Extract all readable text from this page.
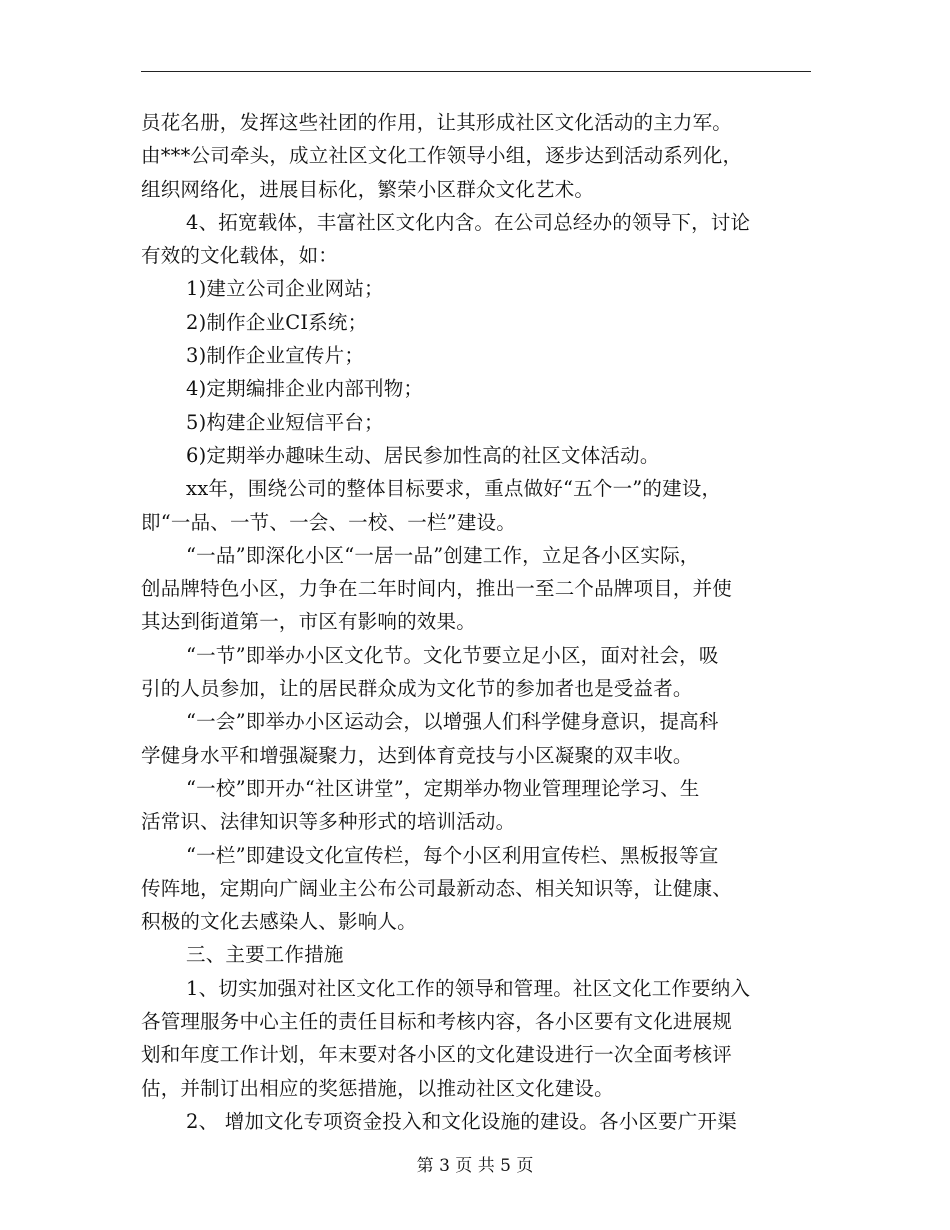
员花名册，发挥这些社团的作用，让其形成社区文化活动的主力军。
由***公司牵头，成立社区文化工作领导小组，逐步达到活动系列化，
组织网络化，进展目标化，繁荣小区群众文化艺术。
4、拓宽载体，丰富社区文化内含。在公司总经办的领导下，讨论
有效的文化载体，如：
1)建立公司企业网站；
2)制作企业CI系统；
3)制作企业宣传片；
4)定期编排企业内部刊物；
5)构建企业短信平台；
6)定期举办趣味生动、居民参加性高的社区文体活动。
xx年，围绕公司的整体目标要求，重点做好“五个一”的建设，
即“一品、一节、一会、一校、一栏”建设。
“一品”即深化小区“一居一品”创建工作，立足各小区实际，
创品牌特色小区，力争在二年时间内，推出一至二个品牌项目，并使
其达到街道第一，市区有影响的效果。
“一节”即举办小区文化节。文化节要立足小区，面对社会，吸
引的人员参加，让的居民群众成为文化节的参加者也是受益者。
“一会”即举办小区运动会，以增强人们科学健身意识，提高科
学健身水平和增强凝聚力，达到体育竞技与小区凝聚的双丰收。
“一校”即开办“社区讲堂”，定期举办物业管理理论学习、生
活常识、法律知识等多种形式的培训活动。
“一栏”即建设文化宣传栏，每个小区利用宣传栏、黑板报等宣
传阵地，定期向广阔业主公布公司最新动态、相关知识等，让健康、
积极的文化去感染人、影响人。
三、主要工作措施
1、切实加强对社区文化工作的领导和管理。社区文化工作要纳入
各管理服务中心主任的责任目标和考核内容，各小区要有文化进展规
划和年度工作计划，年末要对各小区的文化建设进行一次全面考核评
估，并制订出相应的奖惩措施，以推动社区文化建设。
2、 增加文化专项资金投入和文化设施的建设。各小区要广开渠
第 3 页 共 5 页
